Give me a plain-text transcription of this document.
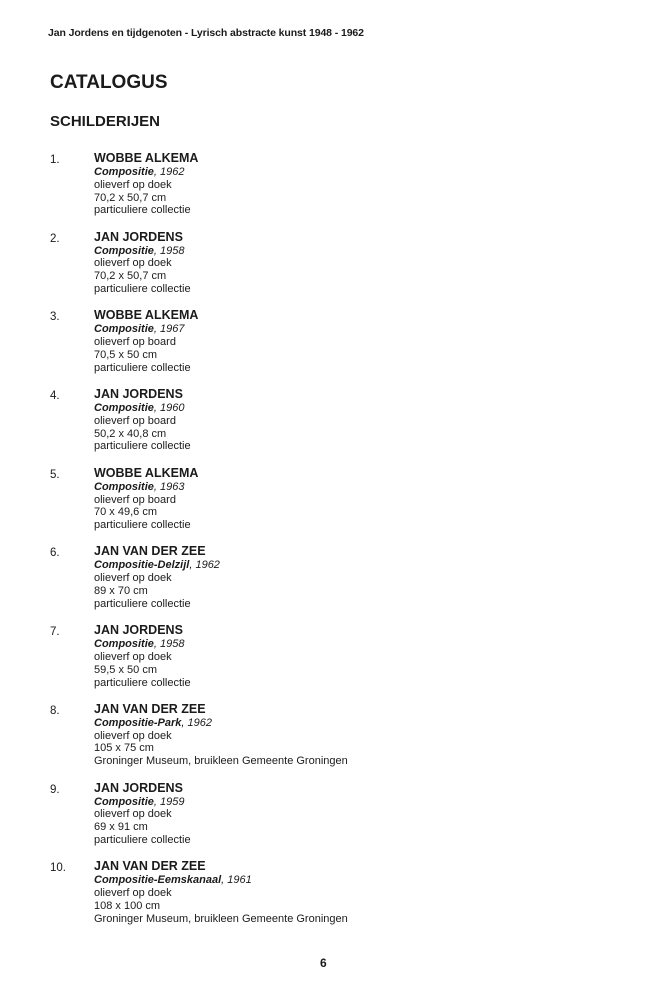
Jan Jordens en tijdgenoten - Lyrisch abstracte kunst 1948 - 1962
CATALOGUS
SCHILDERIJEN
1.	WOBBE ALKEMA
Compositie, 1962
olieverf op doek
70,2 x 50,7 cm
particuliere collectie
2.	JAN JORDENS
Compositie, 1958
olieverf op doek
70,2 x 50,7 cm
particuliere collectie
3.	WOBBE ALKEMA
Compositie, 1967
olieverf op board
70,5 x 50 cm
particuliere collectie
4.	JAN JORDENS
Compositie, 1960
olieverf op board
50,2 x 40,8 cm
particuliere collectie
5.	WOBBE ALKEMA
Compositie, 1963
olieverf op board
70 x 49,6 cm
particuliere collectie
6.	JAN VAN DER ZEE
Compositie-Delzijl, 1962
olieverf op doek
89 x 70 cm
particuliere collectie
7.	JAN JORDENS
Compositie, 1958
olieverf op doek
59,5 x 50 cm
particuliere collectie
8.	JAN VAN DER ZEE
Compositie-Park, 1962
olieverf op doek
105 x 75 cm
Groninger Museum, bruikleen Gemeente Groningen
9.	JAN JORDENS
Compositie, 1959
olieverf op doek
69 x 91 cm
particuliere collectie
10. JAN VAN DER ZEE
Compositie-Eemskanaal, 1961
olieverf op doek
108 x 100 cm
Groninger Museum, bruikleen Gemeente Groningen
6
